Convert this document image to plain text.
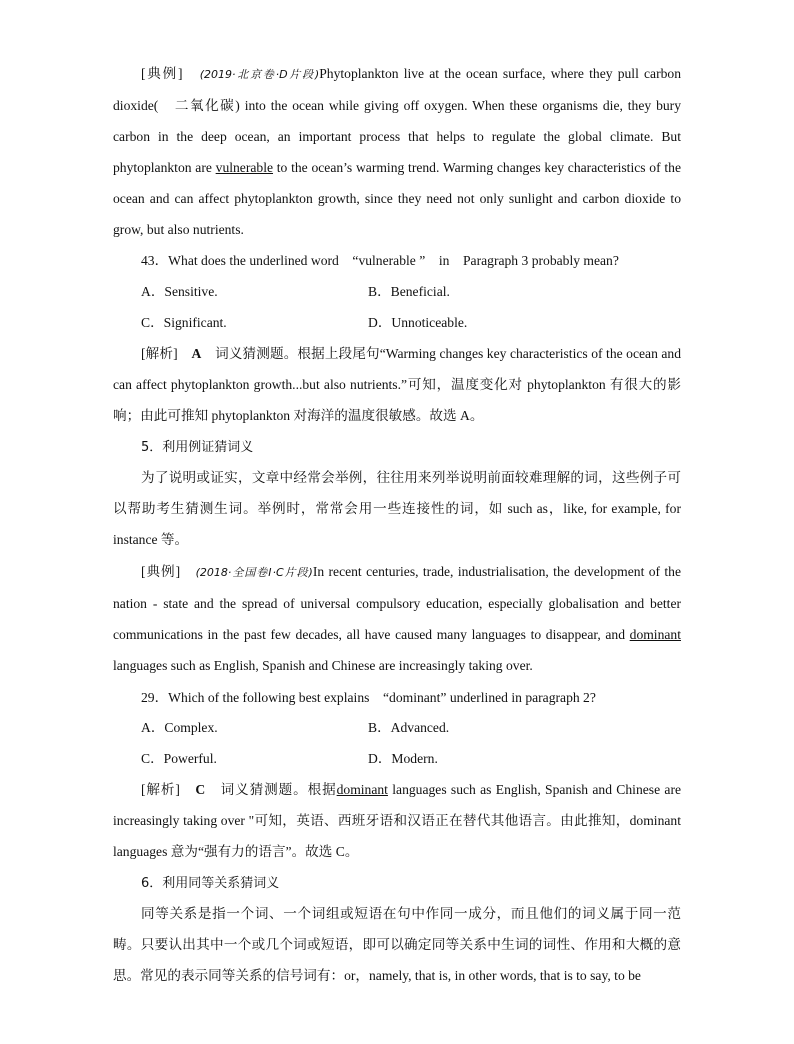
[典例]　 (2019·北京卷·D片段)Phytoplankton live at the ocean surface, where they pull carbon dioxide(　二氧化碳) into the ocean while giving off oxygen. When these organisms die, they bury carbon in the deep ocean, an important process that helps to regulate the global climate. But phytoplankton are vulnerable to the ocean’s warming trend. Warming changes key characteristics of the ocean and can affect phytoplankton growth, since they need not only sunlight and carbon dioxide to grow, but also nutrients.

43．What does the underlined word　“vulnerable ”　in　Paragraph 3 probably mean?
A．Sensitive.	B．Beneficial.
C．Significant.	D．Unnoticeable.

[解析]　 A　 词义猜测题。根据上段尾句“Warming changes key characteristics of the ocean and can affect phytoplankton growth...but also nutrients.”可知，温度变化对 phytoplankton 有很大的影响；由此可推知 phytoplankton 对海洋的温度很敏感。故选 A。

5．利用例证猜词义

为了说明或证实，文章中经常会举例，往往用来列举说明前面较难理解的词，这些例子可以帮助考生猜测生词。举例时，常常会用一些连接性的词，如 such as，like, for example, for instance 等。

[典例]　 (2018·全国卷Ⅰ·C片段)In recent centuries, trade, industrialisation, the development of the nation - state and the spread of universal compulsory education, especially globalisation and better communications in the past few decades, all have caused many languages to disappear, and dominant languages such as English, Spanish and Chinese are increasingly taking over.

29．Which of the following best explains　“dominant” underlined in paragraph 2?
A．Complex.	B．Advanced.
C．Powerful.	D．Modern.

[解析]　 C　 词义猜测题。根据dominant languages such as English, Spanish and Chinese are increasingly taking over "可知，英语、西班牙语和汉语正在替代其他语言。由此推知，dominant languages 意为“强有力的语言”。故选 C。

6．利用同等关系猜词义

同等关系是指一个词、一个词组或短语在句中作同一成分，而且他们的词义属于同一范畴。只要认出其中一个或几个词或短语，即可以确定同等关系中生词的词性、作用和大概的意思。常见的表示同等关系的信号词有：or，namely, that is, in other words, that is to say, to be
